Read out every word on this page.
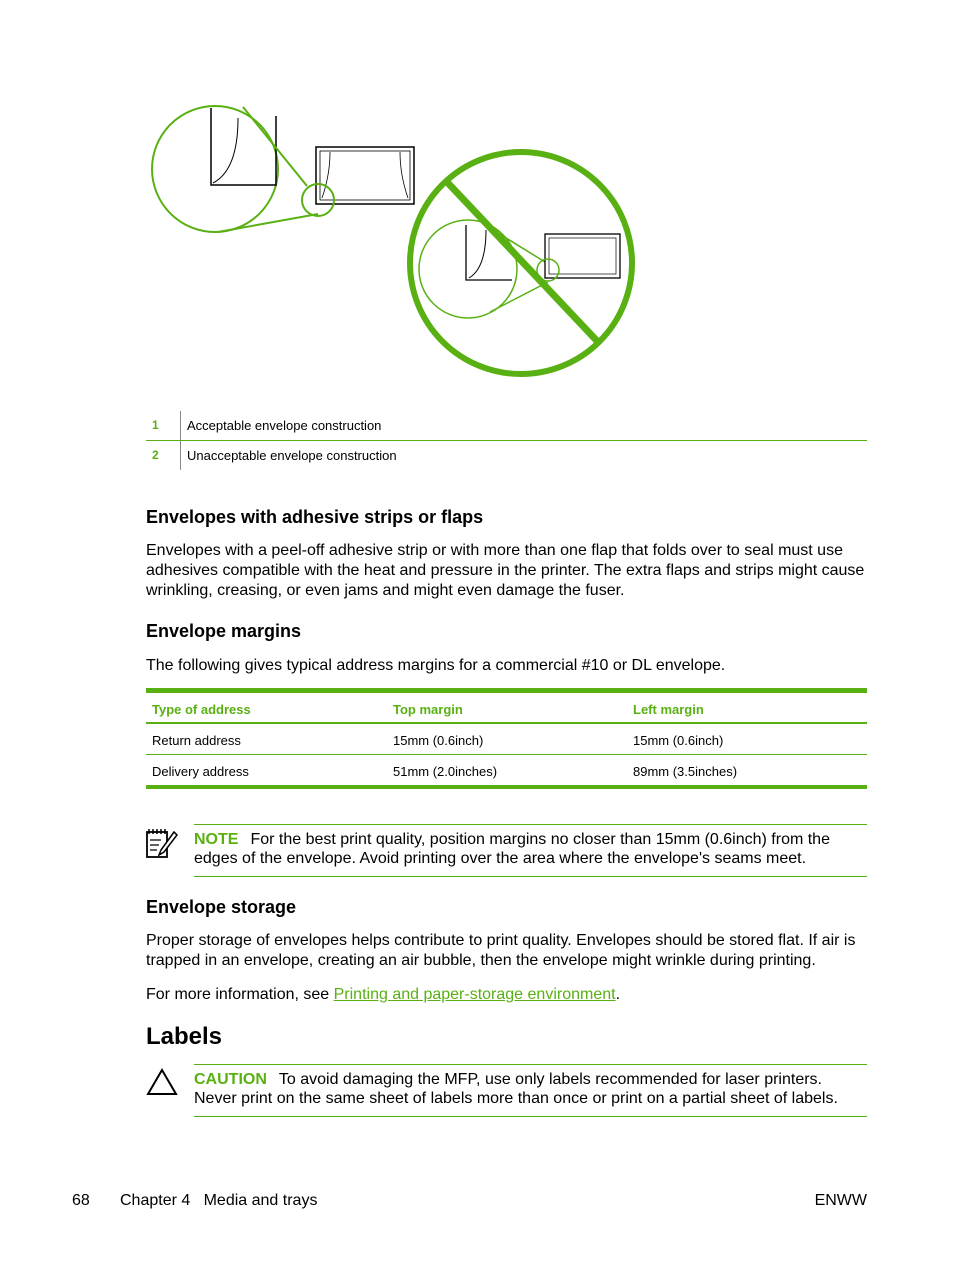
1 Acceptable envelope construction
2 Unacceptable envelope construction
Envelopes with adhesive strips or flaps

Envelopes with a peel-off adhesive strip or with more than one flap that folds over to seal must use adhesives compatible with the heat and pressure in the printer. The extra flaps and strips might cause wrinkling, creasing, or even jams and might even damage the fuser.

Envelope margins

The following gives typical address margins for a commercial #10 or DL envelope.

Type of address	Top margin	Left margin
Return address	15mm (0.6inch)	15mm (0.6inch)
Delivery address	51mm (2.0inches)	89mm (3.5inches)

NOTE For the best print quality, position margins no closer than 15mm (0.6inch) from the edges of the envelope. Avoid printing over the area where the envelope's seams meet.

Envelope storage

Proper storage of envelopes helps contribute to print quality. Envelopes should be stored flat. If air is trapped in an envelope, creating an air bubble, then the envelope might wrinkle during printing.

For more information, see Printing and paper-storage environment.

Labels

CAUTION To avoid damaging the MFP, use only labels recommended for laser printers. Never print on the same sheet of labels more than once or print on a partial sheet of labels.

68 Chapter 4   Media and trays	ENWW
